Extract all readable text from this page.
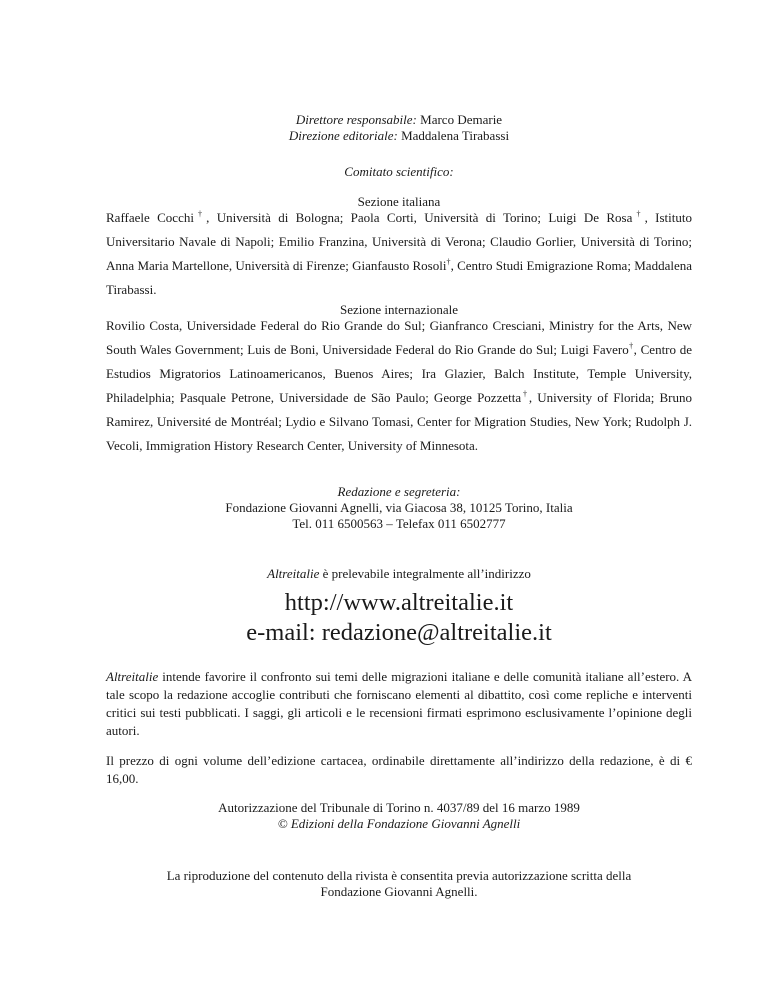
Direttore responsabile: Marco Demarie
Direzione editoriale: Maddalena Tirabassi
Comitato scientifico:
Sezione italiana
Raffaele Cocchi†, Università di Bologna; Paola Corti, Università di Torino; Luigi De Rosa†, Istituto Universitario Navale di Napoli; Emilio Franzina, Università di Verona; Claudio Gorlier, Università di Torino; Anna Maria Martellone, Università di Firenze; Gianfausto Rosoli†, Centro Studi Emigrazione Roma; Maddalena Tirabassi.
Sezione internazionale
Rovilio Costa, Universidade Federal do Rio Grande do Sul; Gianfranco Cresciani, Ministry for the Arts, New South Wales Government; Luis de Boni, Universidade Federal do Rio Grande do Sul; Luigi Favero†, Centro de Estudios Migratorios Latinoamericanos, Buenos Aires; Ira Glazier, Balch Institute, Temple University, Philadelphia; Pasquale Petrone, Universidade de São Paulo; George Pozzetta†, University of Florida; Bruno Ramirez, Université de Montréal; Lydio e Silvano Tomasi, Center for Migration Studies, New York; Rudolph J. Vecoli, Immigration History Research Center, University of Minnesota.
Redazione e segreteria:
Fondazione Giovanni Agnelli, via Giacosa 38, 10125 Torino, Italia
Tel. 011 6500563 – Telefax 011 6502777
Altreitalie è prelevabile integralmente all’indirizzo
http://www.altreitalie.it
e-mail: redazione@altreitalie.it
Altreitalie intende favorire il confronto sui temi delle migrazioni italiane e delle comunità italiane all’estero. A tale scopo la redazione accoglie contributi che forniscano elementi al dibattito, così come repliche e interventi critici sui testi pubblicati. I saggi, gli articoli e le recensioni firmati esprimono esclusivamente l’opinione degli autori.
Il prezzo di ogni volume dell’edizione cartacea, ordinabile direttamente all’indirizzo della redazione, è di € 16,00.
Autorizzazione del Tribunale di Torino n. 4037/89 del 16 marzo 1989
© Edizioni della Fondazione Giovanni Agnelli
La riproduzione del contenuto della rivista è consentita previa autorizzazione scritta della
Fondazione Giovanni Agnelli.
